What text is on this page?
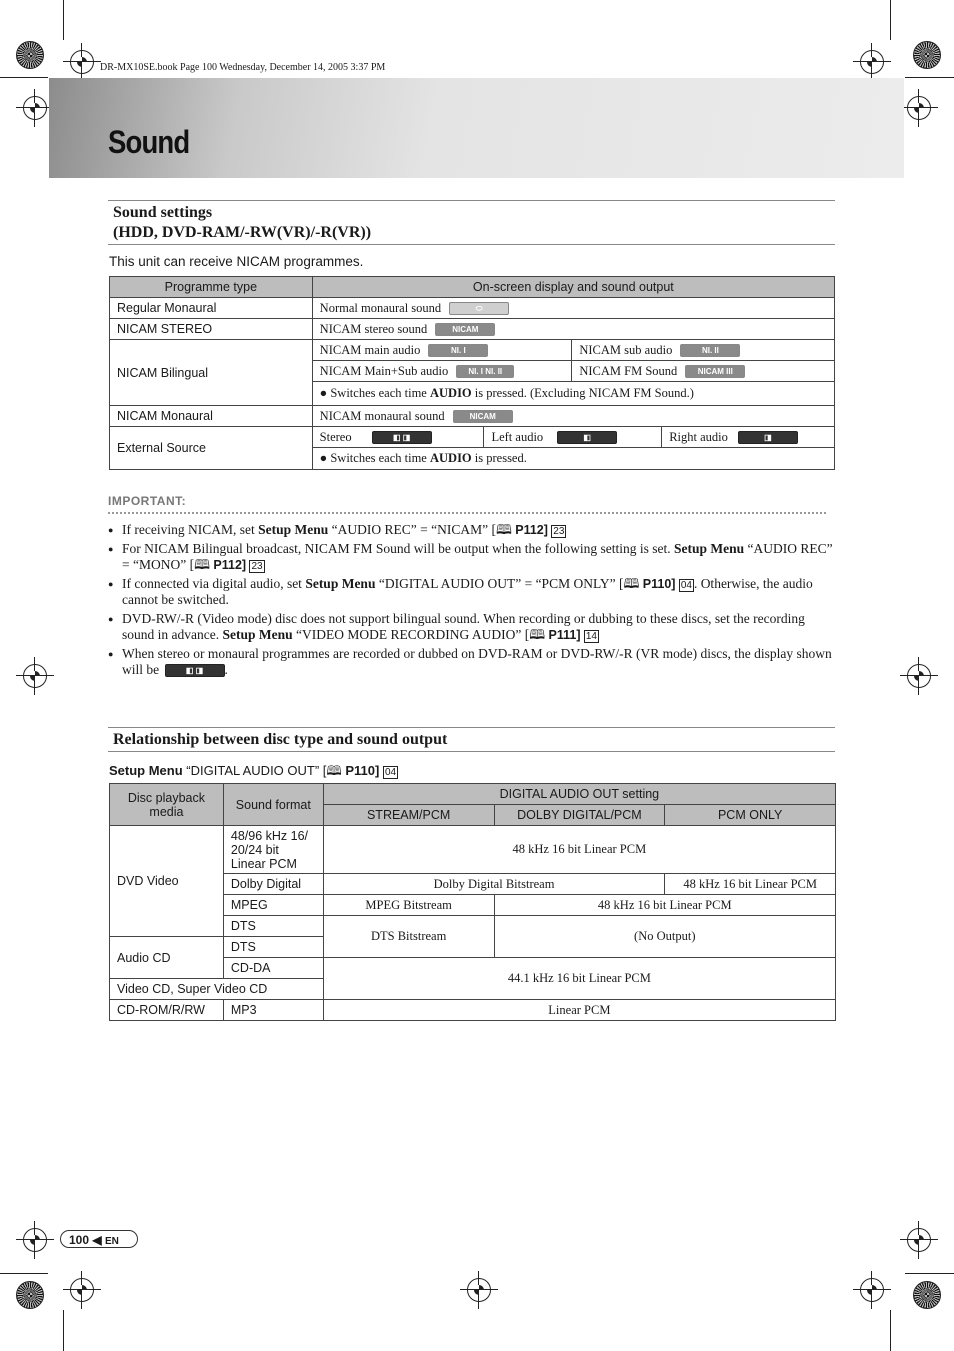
DR-MX10SE.book Page 100 Wednesday, December 14, 2005 3:37 PM
Sound
Sound settings
(HDD, DVD-RAM/-RW(VR)/-R(VR))
This unit can receive NICAM programmes.
Programme type	On-screen display and sound output			
Regular Monaural	Normal monaural sound ⬭			
NICAM STEREO	NICAM stereo sound NICAM			
NICAM Bilingual	NICAM main audio NI. I		NICAM sub audio NI. II	
	NICAM Main+Sub audio NI. I NI. II		NICAM FM Sound NICAM III	
	● Switches each time AUDIO is pressed. (Excluding NICAM FM Sound.)			
NICAM Monaural	NICAM monaural sound NICAM			
External Source	Stereo ◧ ◨	Left audio ◧		Right audio ◨
	● Switches each time AUDIO is pressed.			
IMPORTANT:
● If receiving NICAM, set Setup Menu “AUDIO REC” = “NICAM” [🕮 P112] 23
● For NICAM Bilingual broadcast, NICAM FM Sound will be output when the following setting is set. Setup Menu “AUDIO REC” = “MONO” [🕮 P112] 23
● If connected via digital audio, set Setup Menu “DIGITAL AUDIO OUT” = “PCM ONLY” [🕮 P110] 04 . Otherwise, the audio cannot be switched.
● DVD-RW/-R (Video mode) disc does not support bilingual sound. When recording or dubbing to these discs, set the recording sound in advance. Setup Menu “VIDEO MODE RECORDING AUDIO” [🕮 P111] 14
● When stereo or monaural programmes are recorded or dubbed on DVD-RAM or DVD-RW/-R (VR mode) discs, the display shown will be	◧ ◨ .
Relationship between disc type and sound output
Setup Menu “DIGITAL AUDIO OUT” [🕮 P110] 04
Disc playback media	Sound format	DIGITAL AUDIO OUT setting		
		STREAM/PCM	DOLBY DIGITAL/PCM	PCM ONLY
DVD Video	48/96 kHz 16/ 20/24 bit Linear PCM	48 kHz 16 bit Linear PCM		
	Dolby Digital	Dolby Digital Bitstream		48 kHz 16 bit Linear PCM
	MPEG	MPEG Bitstream	48 kHz 16 bit Linear PCM	
	DTS	DTS Bitstream	(No Output)	
Audio CD	DTS			
	CD-DA	44.1 kHz 16 bit Linear PCM		
Video CD, Super Video CD				
CD-ROM/R/RW	MP3	Linear PCM		
100 ◀ EN
